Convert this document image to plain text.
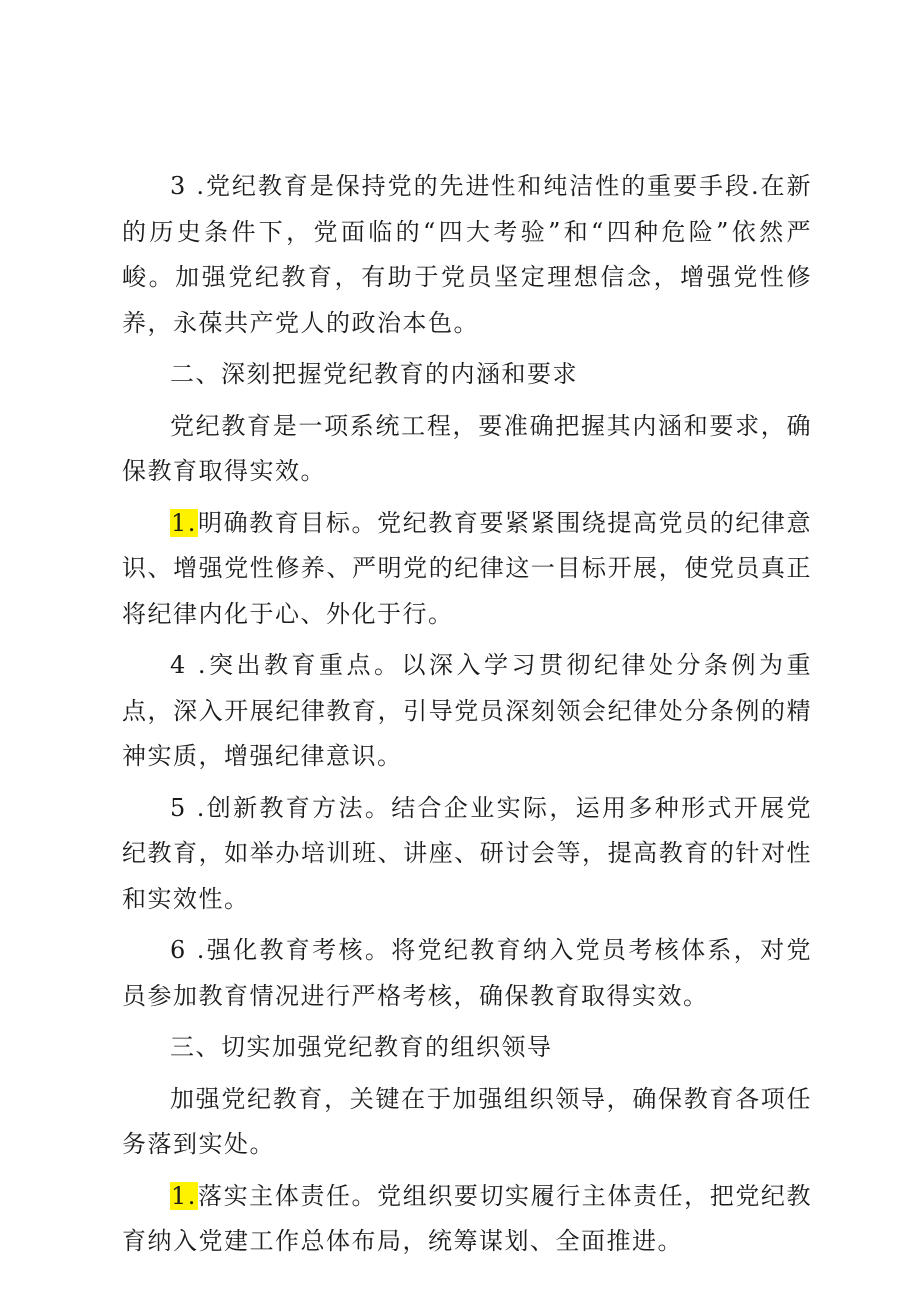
3 .党纪教育是保持党的先进性和纯洁性的重要手段.在新的历史条件下，党面临的“四大考验”和“四种危险”依然严峻。加强党纪教育，有助于党员坚定理想信念，增强党性修养，永葆共产党人的政治本色。

二、深刻把握党纪教育的内涵和要求

党纪教育是一项系统工程，要准确把握其内涵和要求，确保教育取得实效。

1.明确教育目标。党纪教育要紧紧围绕提高党员的纪律意识、增强党性修养、严明党的纪律这一目标开展，使党员真正将纪律内化于心、外化于行。

4 .突出教育重点。以深入学习贯彻纪律处分条例为重点，深入开展纪律教育，引导党员深刻领会纪律处分条例的精神实质，增强纪律意识。

5 .创新教育方法。结合企业实际，运用多种形式开展党纪教育，如举办培训班、讲座、研讨会等，提高教育的针对性和实效性。

6 .强化教育考核。将党纪教育纳入党员考核体系，对党员参加教育情况进行严格考核，确保教育取得实效。

三、切实加强党纪教育的组织领导

加强党纪教育，关键在于加强组织领导，确保教育各项任务落到实处。

1.落实主体责任。党组织要切实履行主体责任，把党纪教育纳入党建工作总体布局，统筹谋划、全面推进。
